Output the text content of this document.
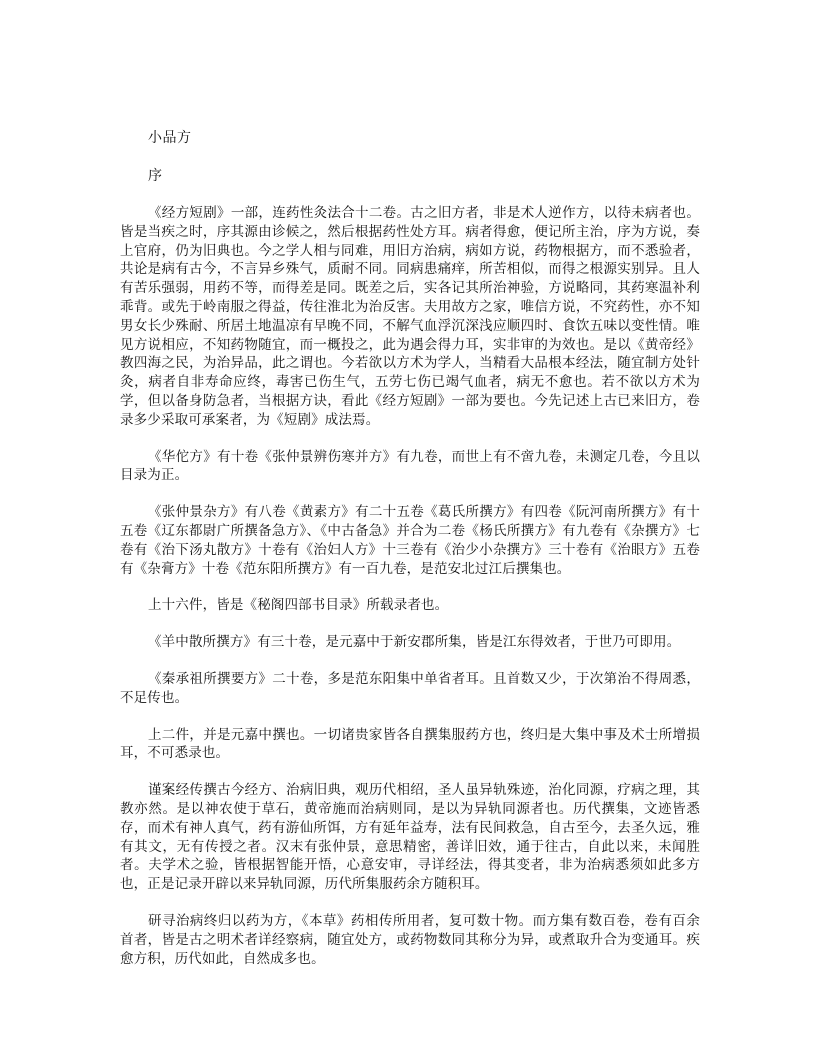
小品方
序

《经方短剧》一部，连药性灸法合十二卷。古之旧方者，非是术人逆作方，以待未病者也。皆是当疾之时，序其源由诊候之，然后根据药性处方耳。病者得愈，便记所主治，序为方说，奏上官府，仍为旧典也。今之学人相与同难，用旧方治病，病如方说，药物根据方，而不悉验者，共论是病有古今，不言异乡殊气，质耐不同。同病患痛痒，所苦相似，而得之根源实别异。且人有苦乐强弱，用药不等，而得差是同。既差之后，实各记其所治神验，方说略同，其药寒温补利乖背。或先于岭南服之得益，传往淮北为治反害。夫用故方之家，唯信方说，不究药性，亦不知男女长少殊耐、所居土地温凉有早晚不同，不解气血浮沉深浅应顺四时、食饮五味以变性情。唯见方说相应，不知药物随宜，而一概投之，此为遇会得力耳，实非审的为效也。是以《黄帝经》教四海之民，为治异品，此之谓也。今若欲以方术为学人，当精看大品根本经法，随宜制方处针灸，病者自非寿命应终，毒害已伤生气，五劳七伤已竭气血者，病无不愈也。若不欲以方术为学，但以备身防急者，当根据方诀，看此《经方短剧》一部为要也。今先记述上古已来旧方，卷录多少采取可承案者，为《短剧》成法焉。

《华佗方》有十卷《张仲景辨伤寒并方》有九卷，而世上有不啻九卷，未测定几卷，今且以目录为正。

《张仲景杂方》有八卷《黄素方》有二十五卷《葛氏所撰方》有四卷《阮河南所撰方》有十五卷《辽东都尉广所撰备急方》、《中古备急》并合为二卷《杨氏所撰方》有九卷有《杂撰方》七卷有《治下汤丸散方》十卷有《治妇人方》十三卷有《治少小杂撰方》三十卷有《治眼方》五卷有《杂膏方》十卷《范东阳所撰方》有一百九卷，是范安北过江后撰集也。

上十六件，皆是《秘阁四部书目录》所载录者也。

《羊中散所撰方》有三十卷，是元嘉中于新安郡所集，皆是江东得效者，于世乃可即用。

《秦承祖所撰要方》二十卷，多是范东阳集中单省者耳。且首数又少，于次第治不得周悉，不足传也。

上二件，并是元嘉中撰也。一切诸贵家皆各自撰集服药方也，终归是大集中事及术士所增损耳，不可悉录也。

谨案经传撰古今经方、治病旧典，观历代相绍，圣人虽异轨殊迹，治化同源，疗病之理，其教亦然。是以神农使于草石，黄帝施而治病则同，是以为异轨同源者也。历代撰集，文迹皆悉存，而术有神人真气，药有游仙所饵，方有延年益寿，法有民间救急，自古至今，去圣久远，雅有其文，无有传授之者。汉末有张仲景，意思精密，善详旧效，通于往古，自此以来，未闻胜者。夫学术之验，皆根据智能开悟，心意安审，寻详经法，得其变者，非为治病悉须如此多方也，正是记录开辟以来异轨同源，历代所集服药余方随积耳。

研寻治病终归以药为方，《本草》药相传所用者，复可数十物。而方集有数百卷，卷有百余首者，皆是古之明术者详经察病，随宜处方，或药物数同其称分为异，或煮取升合为变通耳。疾愈方积，历代如此，自然成多也。
